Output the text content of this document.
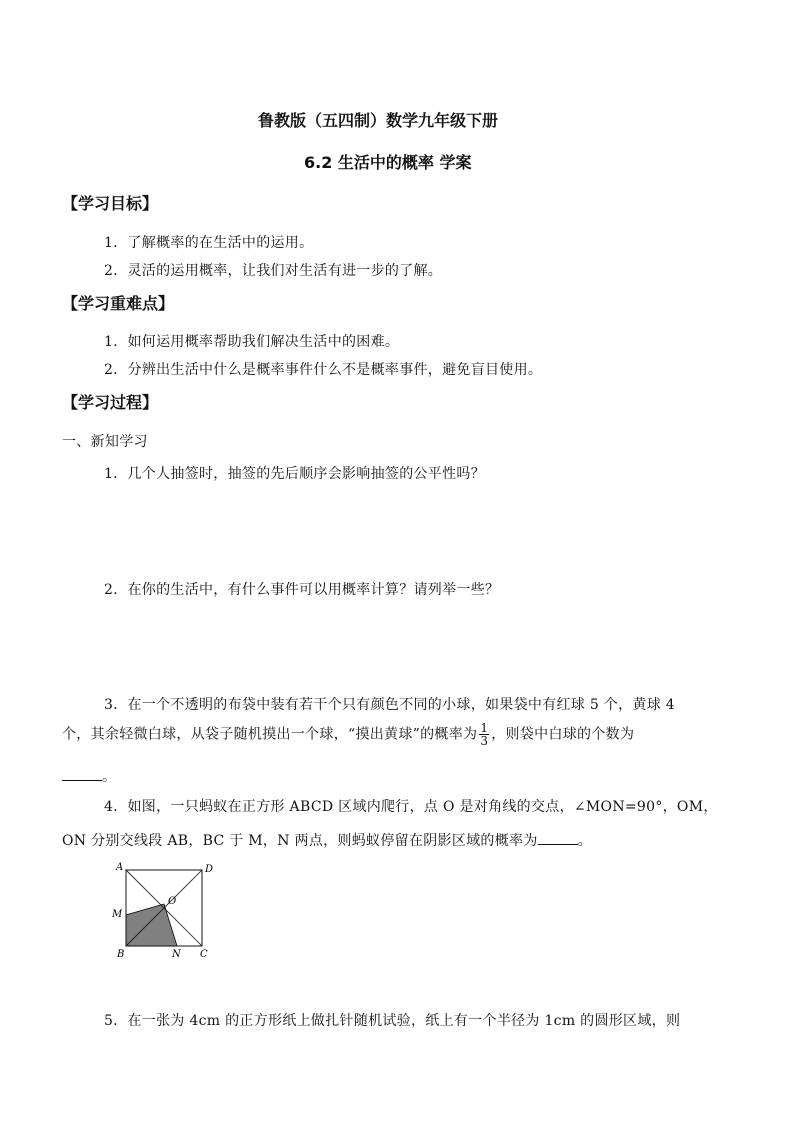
鲁教版（五四制）数学九年级下册
6.2 生活中的概率 学案
【学习目标】
1．了解概率的在生活中的运用。
2．灵活的运用概率，让我们对生活有进一步的了解。
【学习重难点】
1．如何运用概率帮助我们解决生活中的困难。
2．分辨出生活中什么是概率事件什么不是概率事件，避免盲目使用。
【学习过程】
一、新知学习
1．几个人抽签时，抽签的先后顺序会影响抽签的公平性吗？
2．在你的生活中，有什么事件可以用概率计算？请列举一些？
3．在一个不透明的布袋中装有若干个只有颜色不同的小球，如果袋中有红球 5 个，黄球 4
个，其余轻微白球，从袋子随机摸出一个球，“摸出黄球”的概率为 $\frac{1}{3}$ ，则袋中白球的个数为
。
4．如图，一只蚂蚁在正方形 ABCD 区域内爬行，点 O 是对角线的交点，∠MON=90°，OM，
ON 分别交线段 AB，BC 于 M，N 两点，则蚂蚁停留在阴影区域的概率为	。
A	D
M
O
B	N C
5．在一张为 4cm 的正方形纸上做扎针随机试验，纸上有一个半径为 1cm 的圆形区域，则
